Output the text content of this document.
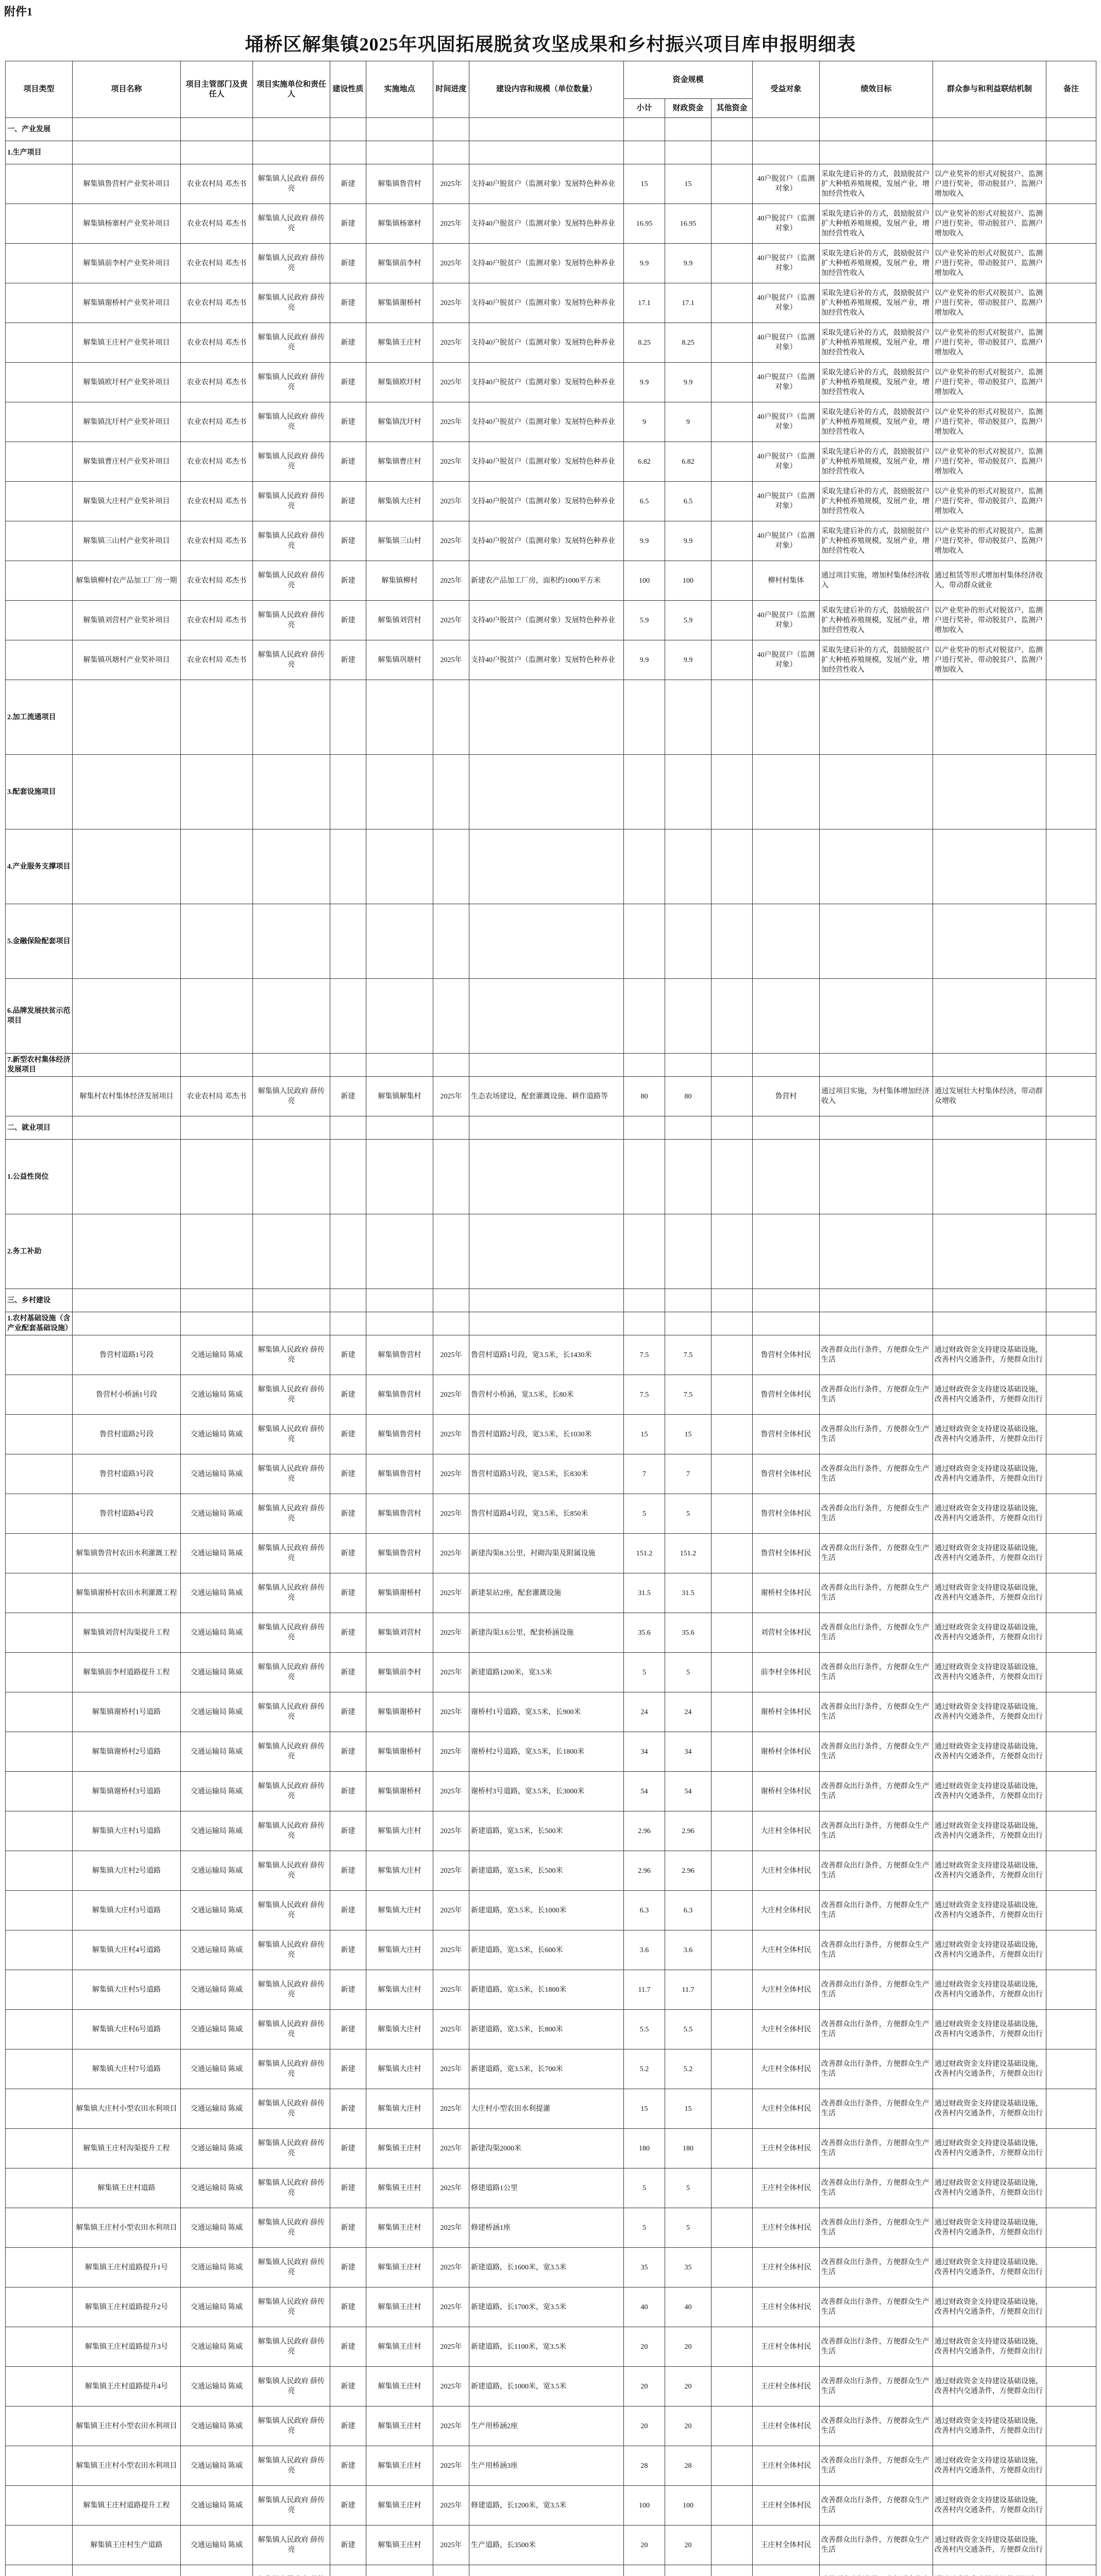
附件1
埇桥区解集镇2025年巩固拓展脱贫攻坚成果和乡村振兴项目库申报明细表
项目类型	项目名称	项目主管部门及责任人	项目实施单位和责任人	建设性质	实施地点	时间进度	建设内容和规模（单位数量）	资金规模			受益对象	绩效目标	群众参与和利益联结机制	备注
								小计	财政资金	其他资金				
一、产业发展														
1.生产项目														
	解集镇鲁营村产业奖补项目	农业农村局 邓杰书	解集镇人民政府 薛传亮	新建	解集镇鲁营村	2025年	支持40户脱贫户（监测对象）发展特色种养业	15	15		40户脱贫户（监测对象）	采取先建后补的方式，鼓励脱贫户扩大种植养殖规模，发展产业，增加经营性收入	以产业奖补的形式对脱贫户、监测户进行奖补，带动脱贫户、监测户增加收入	
	解集镇杨寨村产业奖补项目	农业农村局 邓杰书	解集镇人民政府 薛传亮	新建	解集镇杨寨村	2025年	支持40户脱贫户（监测对象）发展特色种养业	16.95	16.95		40户脱贫户（监测对象）	采取先建后补的方式，鼓励脱贫户扩大种植养殖规模，发展产业，增加经营性收入	以产业奖补的形式对脱贫户、监测户进行奖补，带动脱贫户、监测户增加收入	
	解集镇前李村产业奖补项目	农业农村局 邓杰书	解集镇人民政府 薛传亮	新建	解集镇前李村	2025年	支持40户脱贫户（监测对象）发展特色种养业	9.9	9.9		40户脱贫户（监测对象）	采取先建后补的方式，鼓励脱贫户扩大种植养殖规模，发展产业，增加经营性收入	以产业奖补的形式对脱贫户、监测户进行奖补，带动脱贫户、监测户增加收入	
	解集镇谢桥村产业奖补项目	农业农村局 邓杰书	解集镇人民政府 薛传亮	新建	解集镇谢桥村	2025年	支持40户脱贫户（监测对象）发展特色种养业	17.1	17.1		40户脱贫户（监测对象）	采取先建后补的方式，鼓励脱贫户扩大种植养殖规模，发展产业，增加经营性收入	以产业奖补的形式对脱贫户、监测户进行奖补，带动脱贫户、监测户增加收入	
	解集镇王庄村产业奖补项目	农业农村局 邓杰书	解集镇人民政府 薛传亮	新建	解集镇王庄村	2025年	支持40户脱贫户（监测对象）发展特色种养业	8.25	8.25		40户脱贫户（监测对象）	采取先建后补的方式，鼓励脱贫户扩大种植养殖规模，发展产业，增加经营性收入	以产业奖补的形式对脱贫户、监测户进行奖补，带动脱贫户、监测户增加收入	
	解集镇欧圩村产业奖补项目	农业农村局 邓杰书	解集镇人民政府 薛传亮	新建	解集镇欧圩村	2025年	支持40户脱贫户（监测对象）发展特色种养业	9.9	9.9		40户脱贫户（监测对象）	采取先建后补的方式，鼓励脱贫户扩大种植养殖规模，发展产业，增加经营性收入	以产业奖补的形式对脱贫户、监测户进行奖补，带动脱贫户、监测户增加收入	
	解集镇沈圩村产业奖补项目	农业农村局 邓杰书	解集镇人民政府 薛传亮	新建	解集镇沈圩村	2025年	支持40户脱贫户（监测对象）发展特色种养业	9	9		40户脱贫户（监测对象）	采取先建后补的方式，鼓励脱贫户扩大种植养殖规模，发展产业，增加经营性收入	以产业奖补的形式对脱贫户、监测户进行奖补，带动脱贫户、监测户增加收入	
	解集镇曹庄村产业奖补项目	农业农村局 邓杰书	解集镇人民政府 薛传亮	新建	解集镇曹庄村	2025年	支持40户脱贫户（监测对象）发展特色种养业	6.82	6.82		40户脱贫户（监测对象）	采取先建后补的方式，鼓励脱贫户扩大种植养殖规模，发展产业，增加经营性收入	以产业奖补的形式对脱贫户、监测户进行奖补，带动脱贫户、监测户增加收入	
	解集镇大庄村产业奖补项目	农业农村局 邓杰书	解集镇人民政府 薛传亮	新建	解集镇大庄村	2025年	支持40户脱贫户（监测对象）发展特色种养业	6.5	6.5		40户脱贫户（监测对象）	采取先建后补的方式，鼓励脱贫户扩大种植养殖规模，发展产业，增加经营性收入	以产业奖补的形式对脱贫户、监测户进行奖补，带动脱贫户、监测户增加收入	
	解集镇三山村产业奖补项目	农业农村局 邓杰书	解集镇人民政府 薛传亮	新建	解集镇三山村	2025年	支持40户脱贫户（监测对象）发展特色种养业	9.9	9.9		40户脱贫户（监测对象）	采取先建后补的方式，鼓励脱贫户扩大种植养殖规模，发展产业，增加经营性收入	以产业奖补的形式对脱贫户、监测户进行奖补，带动脱贫户、监测户增加收入	
	解集镇柳村农产品加工厂房一期	农业农村局 邓杰书	解集镇人民政府 薛传亮	新建	解集镇柳村	2025年	新建农产品加工厂房，面积约1000平方米	100	100		柳村村集体	通过项目实施，增加村集体经济收入	通过租赁等形式增加村集体经济收入，带动群众就业	
	解集镇刘营村产业奖补项目	农业农村局 邓杰书	解集镇人民政府 薛传亮	新建	解集镇刘营村	2025年	支持40户脱贫户（监测对象）发展特色种养业	5.9	5.9		40户脱贫户（监测对象）	采取先建后补的方式，鼓励脱贫户扩大种植养殖规模，发展产业，增加经营性收入	以产业奖补的形式对脱贫户、监测户进行奖补，带动脱贫户、监测户增加收入	
	解集镇巩塘村产业奖补项目	农业农村局 邓杰书	解集镇人民政府 薛传亮	新建	解集镇巩塘村	2025年	支持40户脱贫户（监测对象）发展特色种养业	9.9	9.9		40户脱贫户（监测对象）	采取先建后补的方式，鼓励脱贫户扩大种植养殖规模，发展产业，增加经营性收入	以产业奖补的形式对脱贫户、监测户进行奖补，带动脱贫户、监测户增加收入	
2.加工流通项目														
3.配套设施项目														
4.产业服务支撑项目														
5.金融保险配套项目														
6.品牌发展扶贫示范项目														
7.新型农村集体经济发展项目														
	解集村农村集体经济发展项目	农业农村局 邓杰书	解集镇人民政府 薛传亮	新建	解集镇解集村	2025年	生态农场建设，配套灌溉设施、耕作道路等	80	80		鲁营村	通过项目实施，为村集体增加经济收入	通过发展壮大村集体经济，带动群众增收	
二、就业项目														
1.公益性岗位														
2.务工补助														
三、乡村建设														
1.农村基础设施（含产业配套基础设施）														
	鲁营村道路1号段	交通运输局 陈威	解集镇人民政府 薛传亮	新建	解集镇鲁营村	2025年	鲁营村道路1号段，宽3.5米，长1430米	7.5	7.5		鲁营村全体村民	改善群众出行条件，方便群众生产生活	通过财政资金支持建设基础设施，改善村内交通条件，方便群众出行	
	鲁营村小桥涵1号段	交通运输局 陈威	解集镇人民政府 薛传亮	新建	解集镇鲁营村	2025年	鲁营村小桥涵，宽3.5米，长80米	7.5	7.5		鲁营村全体村民	改善群众出行条件，方便群众生产生活	通过财政资金支持建设基础设施，改善村内交通条件，方便群众出行	
	鲁营村道路2号段	交通运输局 陈威	解集镇人民政府 薛传亮	新建	解集镇鲁营村	2025年	鲁营村道路2号段，宽3.5米，长1030米	15	15		鲁营村全体村民	改善群众出行条件，方便群众生产生活	通过财政资金支持建设基础设施，改善村内交通条件，方便群众出行	
	鲁营村道路3号段	交通运输局 陈威	解集镇人民政府 薛传亮	新建	解集镇鲁营村	2025年	鲁营村道路3号段，宽3.5米，长830米	7	7		鲁营村全体村民	改善群众出行条件，方便群众生产生活	通过财政资金支持建设基础设施，改善村内交通条件，方便群众出行	
	鲁营村道路4号段	交通运输局 陈威	解集镇人民政府 薛传亮	新建	解集镇鲁营村	2025年	鲁营村道路4号段，宽3.5米，长850米	5	5		鲁营村全体村民	改善群众出行条件，方便群众生产生活	通过财政资金支持建设基础设施，改善村内交通条件，方便群众出行	
	解集镇鲁营村农田水利灌溉工程	交通运输局 陈威	解集镇人民政府 薛传亮	新建	解集镇鲁营村	2025年	新建沟渠8.3公里，衬砌沟渠及附属设施	151.2	151.2		鲁营村全体村民	改善群众出行条件，方便群众生产生活	通过财政资金支持建设基础设施，改善村内交通条件，方便群众出行	
	解集镇谢桥村农田水利灌溉工程	交通运输局 陈威	解集镇人民政府 薛传亮	新建	解集镇谢桥村	2025年	新建泵站2座，配套灌溉设施	31.5	31.5		谢桥村全体村民	改善群众出行条件，方便群众生产生活	通过财政资金支持建设基础设施，改善村内交通条件，方便群众出行	
	解集镇刘营村沟渠提升工程	交通运输局 陈威	解集镇人民政府 薛传亮	新建	解集镇刘营村	2025年	新建沟渠3.6公里，配套桥涵设施	35.6	35.6		刘营村全体村民	改善群众出行条件，方便群众生产生活	通过财政资金支持建设基础设施，改善村内交通条件，方便群众出行	
	解集镇前李村道路提升工程	交通运输局 陈威	解集镇人民政府 薛传亮	新建	解集镇前李村	2025年	新建道路1200米，宽3.5米	5	5		前李村全体村民	改善群众出行条件，方便群众生产生活	通过财政资金支持建设基础设施，改善村内交通条件，方便群众出行	
	解集镇谢桥村1号道路	交通运输局 陈威	解集镇人民政府 薛传亮	新建	解集镇谢桥村	2025年	谢桥村1号道路，宽3.5米，长900米	24	24		谢桥村全体村民	改善群众出行条件，方便群众生产生活	通过财政资金支持建设基础设施，改善村内交通条件，方便群众出行	
	解集镇谢桥村2号道路	交通运输局 陈威	解集镇人民政府 薛传亮	新建	解集镇谢桥村	2025年	谢桥村2号道路，宽3.5米，长1800米	34	34		谢桥村全体村民	改善群众出行条件，方便群众生产生活	通过财政资金支持建设基础设施，改善村内交通条件，方便群众出行	
	解集镇谢桥村3号道路	交通运输局 陈威	解集镇人民政府 薛传亮	新建	解集镇谢桥村	2025年	谢桥村3号道路，宽3.5米，长3000米	54	54		谢桥村全体村民	改善群众出行条件，方便群众生产生活	通过财政资金支持建设基础设施，改善村内交通条件，方便群众出行	
	解集镇大庄村1号道路	交通运输局 陈威	解集镇人民政府 薛传亮	新建	解集镇大庄村	2025年	新建道路，宽3.5米，长500米	2.96	2.96		大庄村全体村民	改善群众出行条件，方便群众生产生活	通过财政资金支持建设基础设施，改善村内交通条件，方便群众出行	
	解集镇大庄村2号道路	交通运输局 陈威	解集镇人民政府 薛传亮	新建	解集镇大庄村	2025年	新建道路，宽3.5米，长500米	2.96	2.96		大庄村全体村民	改善群众出行条件，方便群众生产生活	通过财政资金支持建设基础设施，改善村内交通条件，方便群众出行	
	解集镇大庄村3号道路	交通运输局 陈威	解集镇人民政府 薛传亮	新建	解集镇大庄村	2025年	新建道路，宽3.5米，长1000米	6.3	6.3		大庄村全体村民	改善群众出行条件，方便群众生产生活	通过财政资金支持建设基础设施，改善村内交通条件，方便群众出行	
	解集镇大庄村4号道路	交通运输局 陈威	解集镇人民政府 薛传亮	新建	解集镇大庄村	2025年	新建道路，宽3.5米，长600米	3.6	3.6		大庄村全体村民	改善群众出行条件，方便群众生产生活	通过财政资金支持建设基础设施，改善村内交通条件，方便群众出行	
	解集镇大庄村5号道路	交通运输局 陈威	解集镇人民政府 薛传亮	新建	解集镇大庄村	2025年	新建道路，宽3.5米，长1800米	11.7	11.7		大庄村全体村民	改善群众出行条件，方便群众生产生活	通过财政资金支持建设基础设施，改善村内交通条件，方便群众出行	
	解集镇大庄村6号道路	交通运输局 陈威	解集镇人民政府 薛传亮	新建	解集镇大庄村	2025年	新建道路，宽3.5米，长800米	5.5	5.5		大庄村全体村民	改善群众出行条件，方便群众生产生活	通过财政资金支持建设基础设施，改善村内交通条件，方便群众出行	
	解集镇大庄村7号道路	交通运输局 陈威	解集镇人民政府 薛传亮	新建	解集镇大庄村	2025年	新建道路，宽3.5米，长700米	5.2	5.2		大庄村全体村民	改善群众出行条件，方便群众生产生活	通过财政资金支持建设基础设施，改善村内交通条件，方便群众出行	
	解集镇大庄村小型农田水利项目	交通运输局 陈威	解集镇人民政府 薛传亮	新建	解集镇大庄村	2025年	大庄村小型农田水利提灌	15	15		大庄村全体村民	改善群众出行条件，方便群众生产生活	通过财政资金支持建设基础设施，改善村内交通条件，方便群众出行	
	解集镇王庄村沟渠提升工程	交通运输局 陈威	解集镇人民政府 薛传亮	新建	解集镇王庄村	2025年	新建沟渠2000米	180	180		王庄村全体村民	改善群众出行条件，方便群众生产生活	通过财政资金支持建设基础设施，改善村内交通条件，方便群众出行	
	解集镇王庄村道路	交通运输局 陈威	解集镇人民政府 薛传亮	新建	解集镇王庄村	2025年	修建道路1公里	5	5		王庄村全体村民	改善群众出行条件，方便群众生产生活	通过财政资金支持建设基础设施，改善村内交通条件，方便群众出行	
	解集镇王庄村小型农田水利项目	交通运输局 陈威	解集镇人民政府 薛传亮	新建	解集镇王庄村	2025年	修建桥涵1座	5	5		王庄村全体村民	改善群众出行条件，方便群众生产生活	通过财政资金支持建设基础设施，改善村内交通条件，方便群众出行	
	解集镇王庄村道路提升1号	交通运输局 陈威	解集镇人民政府 薛传亮	新建	解集镇王庄村	2025年	新建道路，长1600米，宽3.5米	35	35		王庄村全体村民	改善群众出行条件，方便群众生产生活	通过财政资金支持建设基础设施，改善村内交通条件，方便群众出行	
	解集镇王庄村道路提升2号	交通运输局 陈威	解集镇人民政府 薛传亮	新建	解集镇王庄村	2025年	新建道路，长1700米，宽3.5米	40	40		王庄村全体村民	改善群众出行条件，方便群众生产生活	通过财政资金支持建设基础设施，改善村内交通条件，方便群众出行	
	解集镇王庄村道路提升3号	交通运输局 陈威	解集镇人民政府 薛传亮	新建	解集镇王庄村	2025年	新建道路，长1100米，宽3.5米	20	20		王庄村全体村民	改善群众出行条件，方便群众生产生活	通过财政资金支持建设基础设施，改善村内交通条件，方便群众出行	
	解集镇王庄村道路提升4号	交通运输局 陈威	解集镇人民政府 薛传亮	新建	解集镇王庄村	2025年	新建道路，长1000米，宽3.5米	20	20		王庄村全体村民	改善群众出行条件，方便群众生产生活	通过财政资金支持建设基础设施，改善村内交通条件，方便群众出行	
	解集镇王庄村小型农田水利项目	交通运输局 陈威	解集镇人民政府 薛传亮	新建	解集镇王庄村	2025年	生产用桥涵2座	20	20		王庄村全体村民	改善群众出行条件，方便群众生产生活	通过财政资金支持建设基础设施，改善村内交通条件，方便群众出行	
	解集镇王庄村小型农田水利项目	交通运输局 陈威	解集镇人民政府 薛传亮	新建	解集镇王庄村	2025年	生产用桥涵3座	28	28		王庄村全体村民	改善群众出行条件，方便群众生产生活	通过财政资金支持建设基础设施，改善村内交通条件，方便群众出行	
	解集镇王庄村道路提升工程	交通运输局 陈威	解集镇人民政府 薛传亮	新建	解集镇王庄村	2025年	修建道路，长1200米，宽3.5米	100	100		王庄村全体村民	改善群众出行条件，方便群众生产生活	通过财政资金支持建设基础设施，改善村内交通条件，方便群众出行	
	解集镇王庄村生产道路	交通运输局 陈威	解集镇人民政府 薛传亮	新建	解集镇王庄村	2025年	生产道路，长3500米	20	20		王庄村全体村民	改善群众出行条件，方便群众生产生活	通过财政资金支持建设基础设施，改善村内交通条件，方便群众出行	
